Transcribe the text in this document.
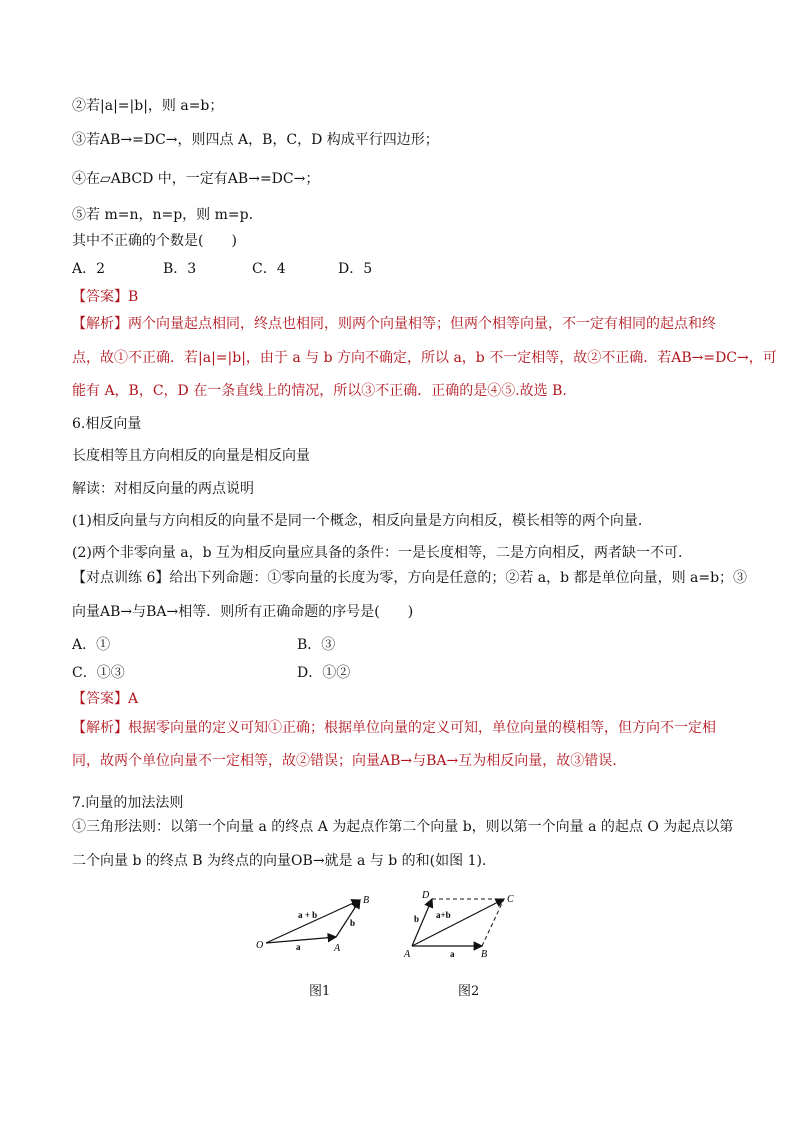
②若|a|=|b|，则 a=b；
③若AB→=DC→，则四点 A，B，C，D 构成平行四边形；
④在▱ABCD 中，一定有AB→=DC→；
⑤若 m=n，n=p，则 m=p.
其中不正确的个数是(　　)
A．2	B．3	C．4	D．5
【答案】B
【解析】两个向量起点相同，终点也相同，则两个向量相等；但两个相等向量，不一定有相同的起点和终
点，故①不正确．若|a|=|b|，由于 a 与 b 方向不确定，所以 a，b 不一定相等，故②不正确．若AB→=DC→，可
能有 A，B，C，D 在一条直线上的情况，所以③不正确．正确的是④⑤.故选 B.
6.相反向量
长度相等且方向相反的向量是相反向量
解读：对相反向量的两点说明
(1)相反向量与方向相反的向量不是同一个概念，相反向量是方向相反，模长相等的两个向量.
(2)两个非零向量 a，b 互为相反向量应具备的条件：一是长度相等，二是方向相反，两者缺一不可.
【对点训练 6】给出下列命题：①零向量的长度为零，方向是任意的；②若 a，b 都是单位向量，则 a=b；③
向量AB→与BA→相等．则所有正确命题的序号是(　　)
A．①	B．③
C．①③	D．①②
【答案】A
【解析】根据零向量的定义可知①正确；根据单位向量的定义可知，单位向量的模相等，但方向不一定相
同，故两个单位向量不一定相等，故②错误；向量AB→与BA→互为相反向量，故③错误.
7.向量的加法法则
①三角形法则：以第一个向量 a 的终点 A 为起点作第二个向量 b，则以第一个向量 a 的起点 O 为起点以第
二个向量 b 的终点 B 为终点的向量OB→就是 a 与 b 的和(如图 1).
O	A
B
a
b
a + b
图1
A	B
C
D
a
b a+b
图2
